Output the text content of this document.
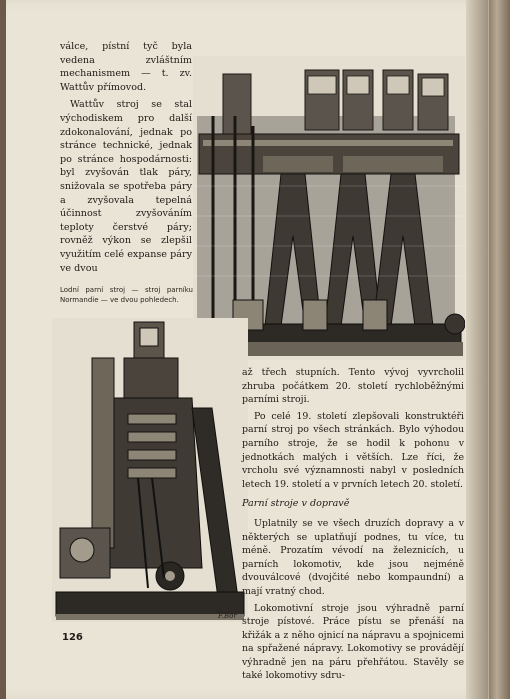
válce, pístní tyč byla vedena zvláštním mechanismem — t. zv. Wattův přímovod.

Wattův stroj se stal východiskem pro další zdokonalování, jednak po stránce technické, jednak po stránce hospodárnosti: byl zvyšován tlak páry, snižovala se spotřeba páry a zvyšovala tepelná účinnost zvyšováním teploty čerstvé páry; rovněž výkon se zlepšil využitím celé expanse páry ve dvou

Lodní parní stroj — stroj parníku Normandie — ve dvou pohledech.
F.Bor

až třech stupních. Tento vývoj vyvrcholil zhruba počátkem 20. století rychloběžnými parními stroji.

Po celé 19. století zlepšovali konstruktéři parní stroj po všech stránkách. Bylo výhodou parního stroje, že se hodil k pohonu v jednotkách malých i větších. Lze říci, že vrcholu své významnosti nabyl v posledních letech 19. století a v prvních letech 20. století.

Parní stroje v dopravě

Uplatnily se ve všech druzích dopravy a v některých se uplatňují podnes, tu více, tu méně. Prozatím vévodí na železnicích, u parních lokomotiv, kde jsou nejméně dvouválcové (dvojčité nebo kompaundní) a mají vratný chod.

Lokomotivní stroje jsou výhradně parní stroje pístové. Práce pístu se přenáší na křižák a z něho ojnicí na nápravu a spojnicemi na spřažené nápravy. Lokomotivy se provádějí výhradně jen na páru přehřátou. Stavěly se také lokomotivy sdru-

126
